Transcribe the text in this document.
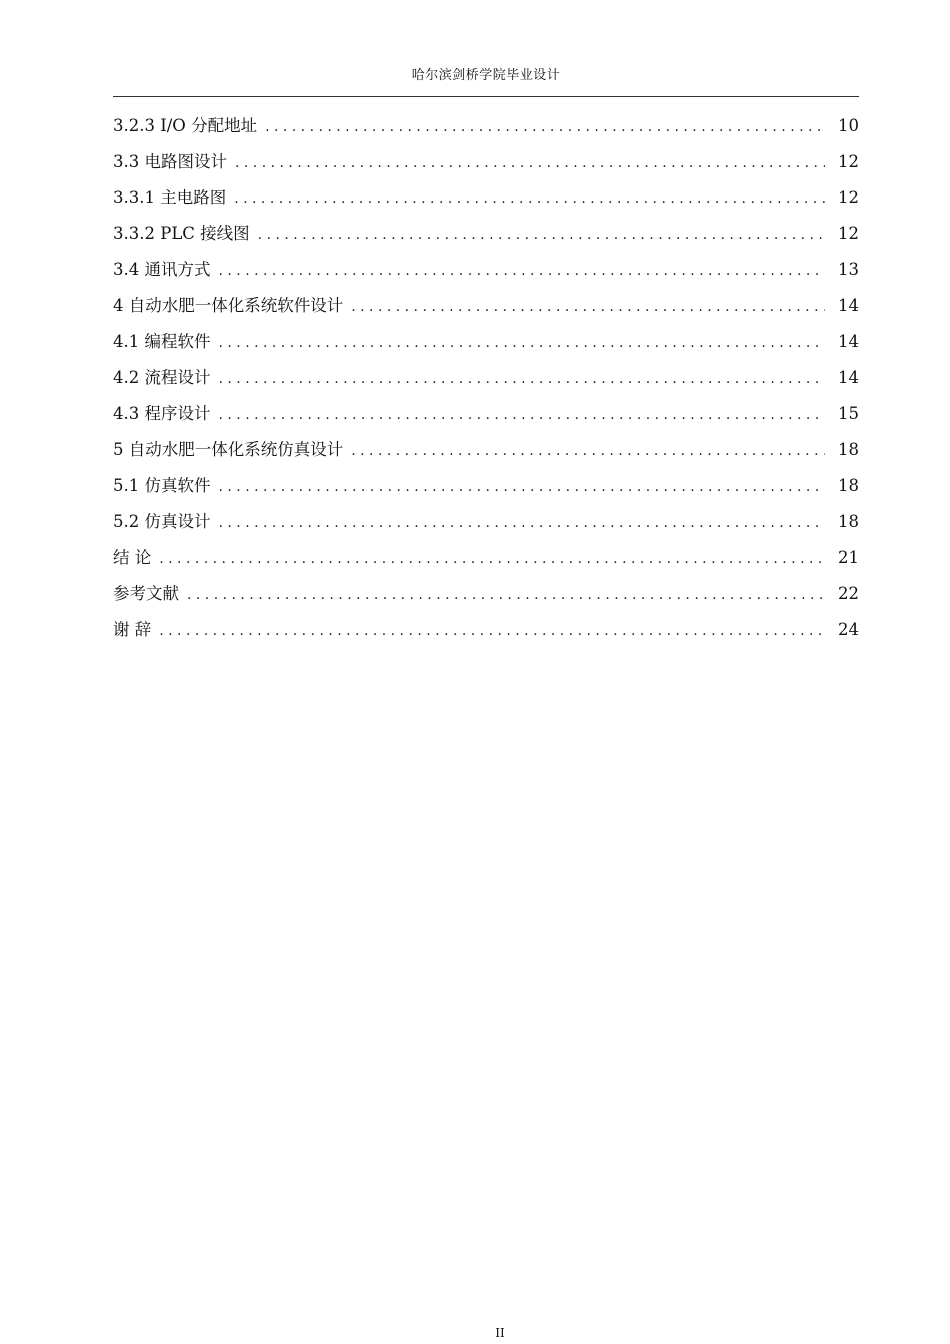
哈尔滨剑桥学院毕业设计
3.2.3 I/O 分配地址 . . .	10
3.3 电路图设计 . . .	12
3.3.1 主电路图 . . .	12
3.3.2 PLC 接线图 . . .	12
3.4 通讯方式 . . .	13
4 自动水肥一体化系统软件设计 . . .	14
4.1 编程软件 . . .	14
4.2 流程设计 . . .	14
4.3 程序设计 . . .	15
5 自动水肥一体化系统仿真设计 . . .	18
5.1 仿真软件 . . .	18
5.2 仿真设计 . . .	18
结 论 . . .	21
参考文献 . . .	22
谢 辞 . . .	24
II
